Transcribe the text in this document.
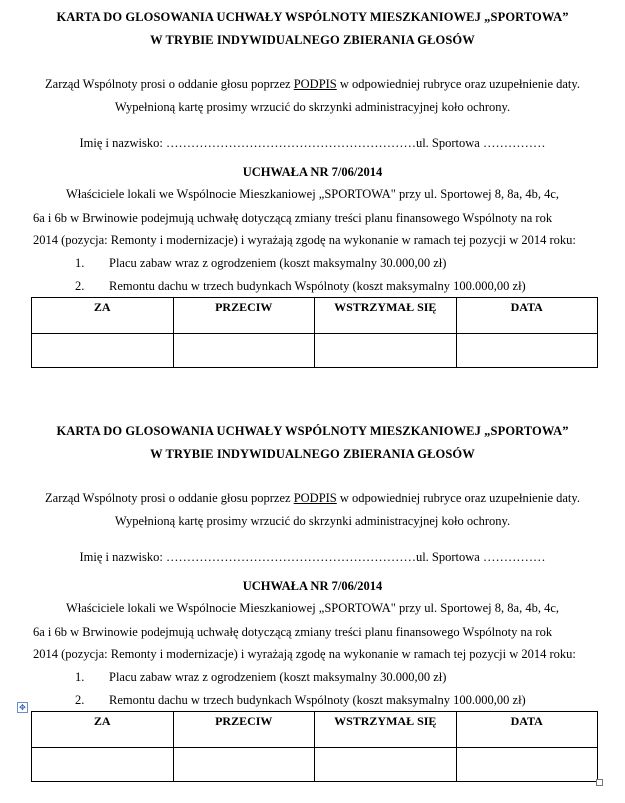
KARTA DO GLOSOWANIA UCHWAŁY WSPÓLNOTY MIESZKANIOWEJ „SPORTOWA”
W TRYBIE INDYWIDUALNEGO ZBIERANIA GŁOSÓW
Zarząd Wspólnoty prosi o oddanie głosu poprzez PODPIS w odpowiedniej rubryce oraz uzupełnienie daty.
Wypełnioną kartę prosimy wrzucić do skrzynki administracyjnej koło ochrony.
Imię i nazwisko: ……………………………………………………ul. Sportowa ……………
UCHWAŁA NR 7/06/2014
Właściciele lokali we Wspólnocie Mieszkaniowej „SPORTOWA" przy ul. Sportowej 8, 8a, 4b, 4c,
6a i 6b w Brwinowie podejmują uchwałę dotyczącą zmiany treści planu finansowego Wspólnoty na rok
2014 (pozycja: Remonty i modernizacje) i wyrażają zgodę na wykonanie w ramach tej pozycji w 2014 roku:
1. Placu zabaw wraz z ogrodzeniem (koszt maksymalny 30.000,00 zł)
2. Remontu dachu w trzech budynkach Wspólnoty (koszt maksymalny 100.000,00 zł)
ZA	PRZECIW	WSTRZYMAŁ SIĘ	DATA

KARTA DO GLOSOWANIA UCHWAŁY WSPÓLNOTY MIESZKANIOWEJ „SPORTOWA”
W TRYBIE INDYWIDUALNEGO ZBIERANIA GŁOSÓW
Zarząd Wspólnoty prosi o oddanie głosu poprzez PODPIS w odpowiedniej rubryce oraz uzupełnienie daty.
Wypełnioną kartę prosimy wrzucić do skrzynki administracyjnej koło ochrony.
Imię i nazwisko: ……………………………………………………ul. Sportowa ……………
UCHWAŁA NR 7/06/2014
Właściciele lokali we Wspólnocie Mieszkaniowej „SPORTOWA" przy ul. Sportowej 8, 8a, 4b, 4c,
6a i 6b w Brwinowie podejmują uchwałę dotyczącą zmiany treści planu finansowego Wspólnoty na rok
2014 (pozycja: Remonty i modernizacje) i wyrażają zgodę na wykonanie w ramach tej pozycji w 2014 roku:
1. Placu zabaw wraz z ogrodzeniem (koszt maksymalny 30.000,00 zł)
2. Remontu dachu w trzech budynkach Wspólnoty (koszt maksymalny 100.000,00 zł)
ZA	PRZECIW	WSTRZYMAŁ SIĘ	DATA

✥
